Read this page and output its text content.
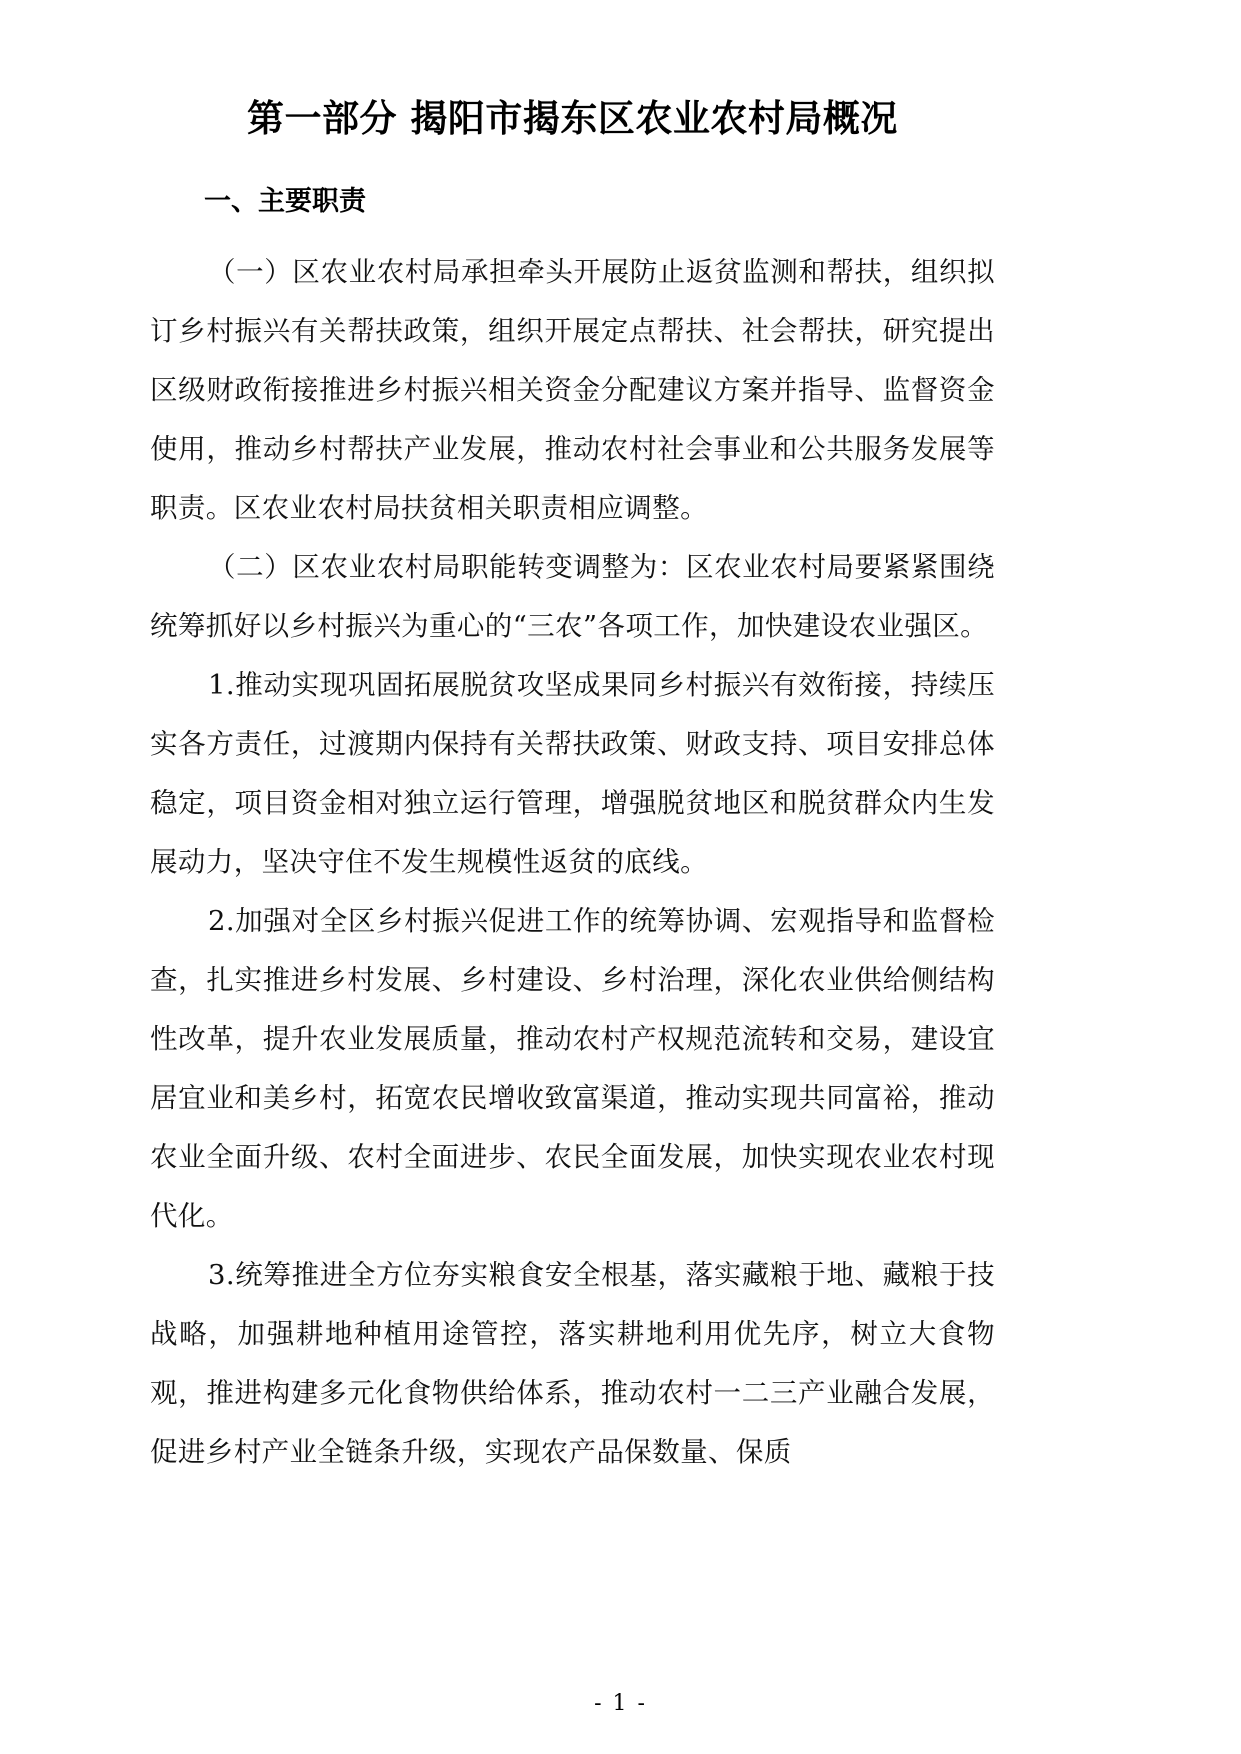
第一部分 揭阳市揭东区农业农村局概况
一、主要职责

（一）区农业农村局承担牵头开展防止返贫监测和帮扶，组织拟订乡村振兴有关帮扶政策，组织开展定点帮扶、社会帮扶，研究提出区级财政衔接推进乡村振兴相关资金分配建议方案并指导、监督资金使用，推动乡村帮扶产业发展，推动农村社会事业和公共服务发展等职责。区农业农村局扶贫相关职责相应调整。

（二）区农业农村局职能转变调整为：区农业农村局要紧紧围绕统筹抓好以乡村振兴为重心的“三农”各项工作，加快建设农业强区。

1.推动实现巩固拓展脱贫攻坚成果同乡村振兴有效衔接，持续压实各方责任，过渡期内保持有关帮扶政策、财政支持、项目安排总体稳定，项目资金相对独立运行管理，增强脱贫地区和脱贫群众内生发展动力，坚决守住不发生规模性返贫的底线。

2.加强对全区乡村振兴促进工作的统筹协调、宏观指导和监督检查，扎实推进乡村发展、乡村建设、乡村治理，深化农业供给侧结构性改革，提升农业发展质量，推动农村产权规范流转和交易，建设宜居宜业和美乡村，拓宽农民增收致富渠道，推动实现共同富裕，推动农业全面升级、农村全面进步、农民全面发展，加快实现农业农村现代化。

3.统筹推进全方位夯实粮食安全根基，落实藏粮于地、藏粮于技战略，加强耕地种植用途管控，落实耕地利用优先序，树立大食物观，推进构建多元化食物供给体系，推动农村一二三产业融合发展，促进乡村产业全链条升级，实现农产品保数量、保质

- 1 -
